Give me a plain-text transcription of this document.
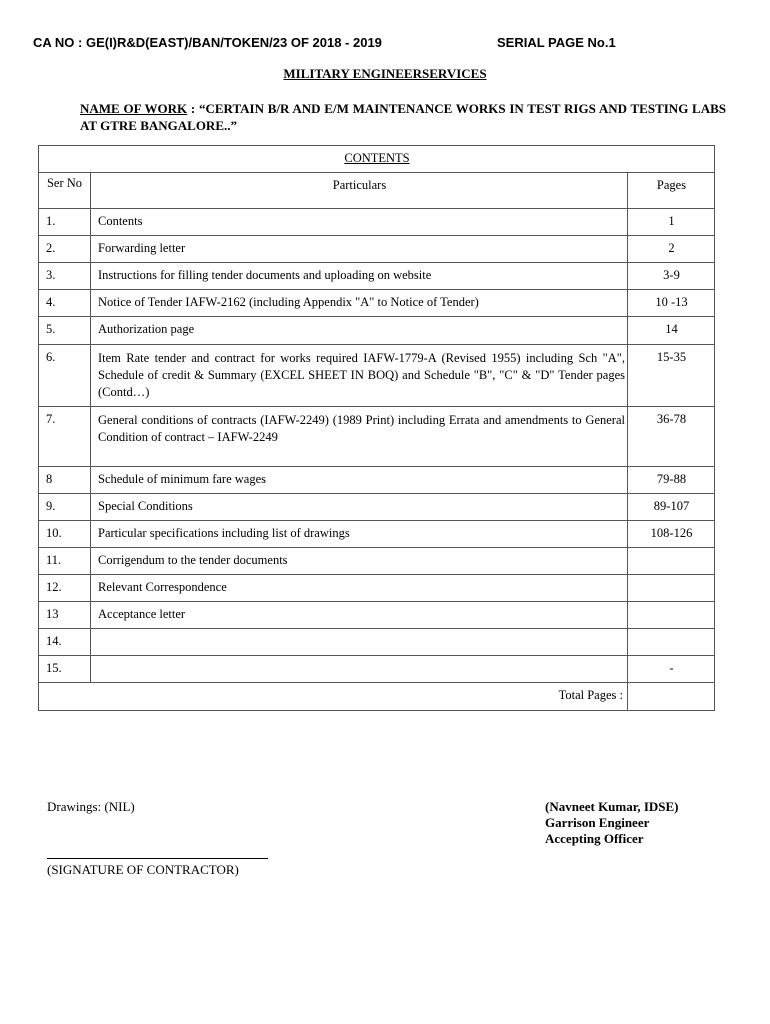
CA NO : GE(I)R&D(EAST)/BAN/TOKEN/23 OF 2018 - 2019	SERIAL PAGE No.1
MILITARY ENGINEERSERVICES
NAME OF WORK : “CERTAIN B/R AND E/M MAINTENANCE WORKS IN TEST RIGS AND TESTING LABS AT GTRE BANGALORE..”
CONTENTS		
Ser No	Particulars	Pages
1.	Contents	1
2.	Forwarding letter	2
3.	Instructions for filling tender documents and uploading on website	3-9
4.	Notice of Tender IAFW-2162 (including Appendix "A" to Notice of Tender)	10 -13
5.	Authorization page	14
6.	Item Rate tender and contract for works required IAFW-1779-A (Revised 1955) including Sch "A", Schedule of credit & Summary (EXCEL SHEET IN BOQ) and Schedule "B", "C" & "D" Tender pages (Contd…)	15-35
7.	General conditions of contracts (IAFW-2249) (1989 Print) including Errata and amendments to General Condition of contract – IAFW-2249	36-78
8	Schedule of minimum fare wages	79-88
9.	Special Conditions	89-107
10.	Particular specifications including list of drawings	108-126
11.	Corrigendum to the tender documents	
12.	Relevant Correspondence	
13	Acceptance letter	
14.		
15.		-
Total Pages :		
Drawings: (NIL)	(Navneet Kumar, IDSE)
Garrison Engineer
Accepting Officer
(SIGNATURE OF CONTRACTOR)
